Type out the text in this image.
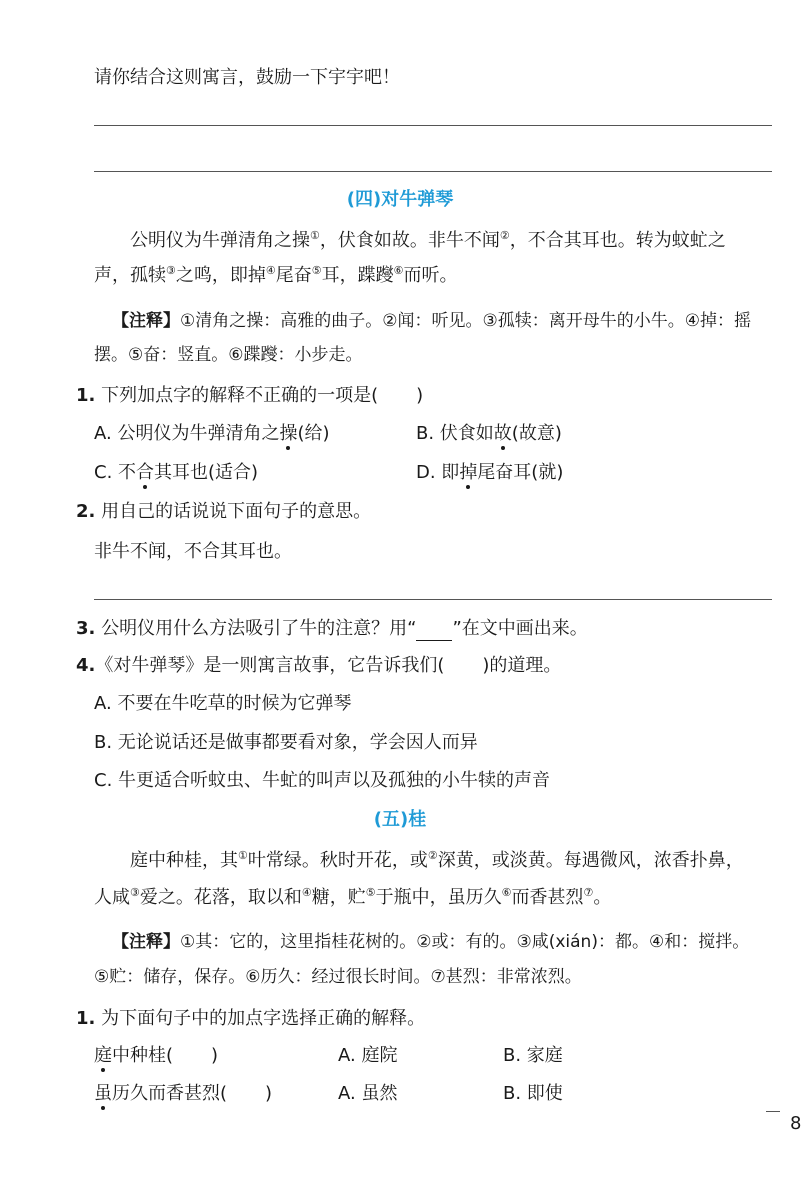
请你结合这则寓言，鼓励一下宇宇吧！
(四)对牛弹琴
公明仪为牛弹清角之操①，伏食如故。非牛不闻②，不合其耳也。转为蚊虻之
声，孤犊③之鸣，即掉④尾奋⑤耳，蹀躞⑥而听。
【注释】①清角之操：高雅的曲子。②闻：听见。③孤犊：离开母牛的小牛。④掉：摇
摆。⑤奋：竖直。⑥蹀躞：小步走。
1. 下列加点字的解释不正确的一项是( )
A. 公明仪为牛弹清角之操(给)	B. 伏食如故(故意)
C. 不合其耳也(适合)	D. 即掉尾奋耳(就)
2. 用自己的话说说下面句子的意思。
非牛不闻，不合其耳也。
3. 公明仪用什么方法吸引了牛的注意？用“ ”在文中画出来。
4.《对牛弹琴》是一则寓言故事，它告诉我们( )的道理。
A. 不要在牛吃草的时候为它弹琴
B. 无论说话还是做事都要看对象，学会因人而异
C. 牛更适合听蚊虫、牛虻的叫声以及孤独的小牛犊的声音
(五)桂
庭中种桂，其①叶常绿。秋时开花，或②深黄，或淡黄。每遇微风，浓香扑鼻，
人咸③爱之。花落，取以和④糖，贮⑤于瓶中，虽历久⑥而香甚烈⑦。
【注释】①其：它的，这里指桂花树的。②或：有的。③咸(xián)：都。④和：搅拌。
⑤贮：储存，保存。⑥历久：经过很长时间。⑦甚烈：非常浓烈。
1. 为下面句子中的加点字选择正确的解释。
庭中种桂( )	A. 庭院	B. 家庭
虽历久而香甚烈( )	A. 虽然	B. 即使
8
